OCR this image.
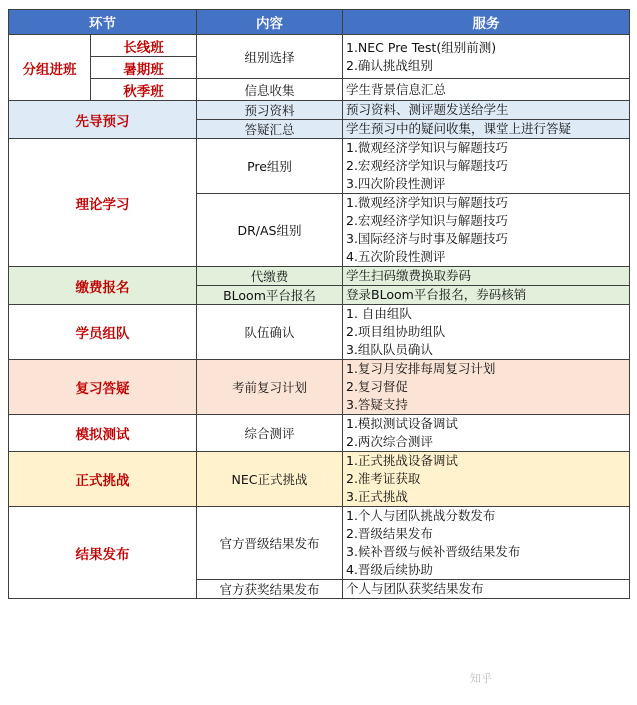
环节		内容	服务
分组进班	长线班	组别选择	1.NEC Pre Test(组别前测)
2.确认挑战组别

	暑期班		
	秋季班	信息收集	学生背景信息汇总

先导预习		预习资料	预习资料、测评题发送给学生

		答疑汇总	学生预习中的疑问收集，课堂上进行答疑

理论学习		Pre组别	1.微观经济学知识与解题技巧
2.宏观经济学知识与解题技巧
3.四次阶段性测评

		DR/AS组别	1.微观经济学知识与解题技巧
2.宏观经济学知识与解题技巧
3.国际经济与时事及解题技巧
4.五次阶段性测评

缴费报名		代缴费	学生扫码缴费换取券码

		BLoom平台报名	登录BLoom平台报名，券码核销

学员组队		队伍确认	1. 自由组队
2.项目组协助组队
3.组队队员确认

复习答疑		考前复习计划	1.复习月安排每周复习计划
2.复习督促
3.答疑支持

模拟测试		综合测评	1.模拟测试设备调试
2.两次综合测评

正式挑战		NEC正式挑战	1.正式挑战设备调试
2.准考证获取
3.正式挑战

结果发布		官方晋级结果发布	1.个人与团队挑战分数发布
2.晋级结果发布
3.候补晋级与候补晋级结果发布
4.晋级后续协助

		官方获奖结果发布	个人与团队获奖结果发布
知乎
